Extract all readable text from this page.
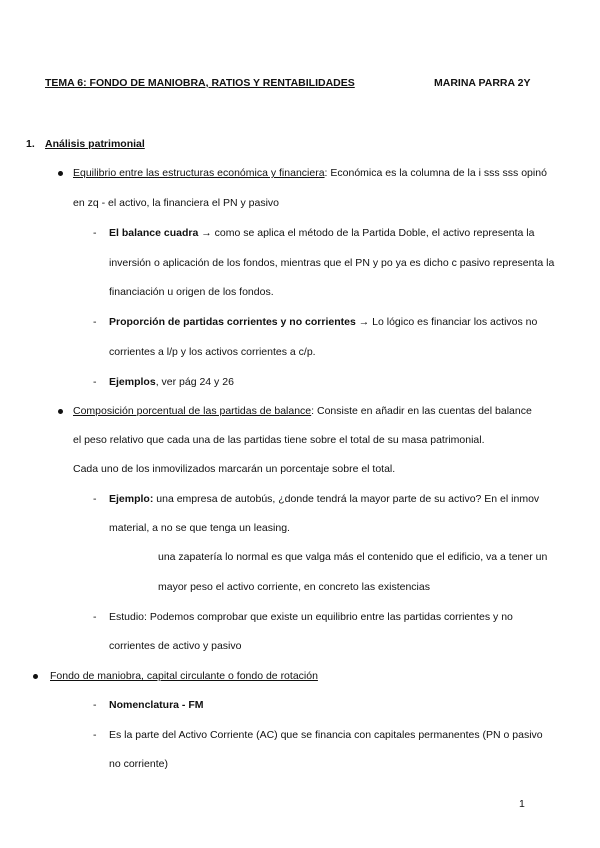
TEMA 6: FONDO DE MANIOBRA, RATIOS Y RENTABILIDADES	MARINA PARRA 2Y
1. Análisis patrimonial
Equilibrio entre las estructuras económica y financiera: Económica es la columna de la i sss sss opinó
en zq - el activo, la financiera el PN y pasivo
- El balance cuadra → como se aplica el método de la Partida Doble, el activo representa la
inversión o aplicación de los fondos, mientras que el PN y po ya es dicho c pasivo representa la
financiación u origen de los fondos.
- Proporción de partidas corrientes y no corrientes → Lo lógico es financiar los activos no
corrientes a l/p y los activos corrientes a c/p.
- Ejemplos, ver pág 24 y 26
Composición porcentual de las partidas de balance: Consiste en añadir en las cuentas del balance
el peso relativo que cada una de las partidas tiene sobre el total de su masa patrimonial.
Cada uno de los inmovilizados marcarán un porcentaje sobre el total.
- Ejemplo: una empresa de autobús, ¿donde tendrá la mayor parte de su activo? En el inmov
material, a no se que tenga un leasing.
una zapatería lo normal es que valga más el contenido que el edificio, va a tener un
mayor peso el activo corriente, en concreto las existencias
- Estudio: Podemos comprobar que existe un equilibrio entre las partidas corrientes y no
corrientes de activo y pasivo
Fondo de maniobra, capital circulante o fondo de rotación
- Nomenclatura - FM
- Es la parte del Activo Corriente (AC) que se financia con capitales permanentes (PN o pasivo
no corriente)
1
